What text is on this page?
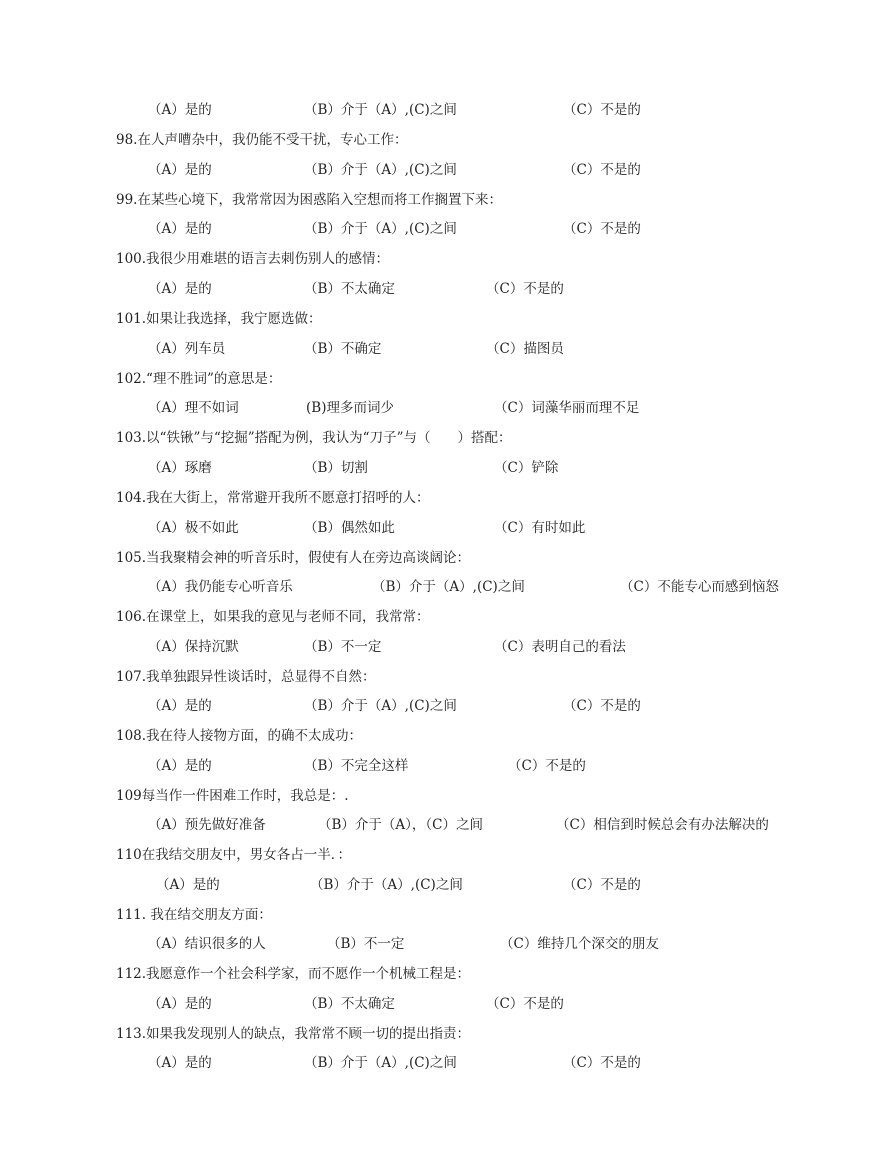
（A）是的	（B）介于（A）,(C)之间	（C）不是的
98.在人声嘈杂中，我仍能不受干扰，专心工作：
（A）是的	（B）介于（A）,(C)之间	（C）不是的
99.在某些心境下，我常常因为困惑陷入空想而将工作搁置下来：
（A）是的	（B）介于（A）,(C)之间	（C）不是的
100.我很少用难堪的语言去刺伤别人的感情：
（A）是的	（B）不太确定	（C）不是的
101.如果让我选择，我宁愿选做：
（A）列车员	（B）不确定	（C）描图员
102.“理不胜词”的意思是：
（A）理不如词	(B)理多而词少	（C）词藻华丽而理不足
103.以“铁锹”与“挖掘”搭配为例，我认为“刀子”与（　　）搭配：
（A）琢磨	（B）切割	（C）铲除
104.我在大街上，常常避开我所不愿意打招呼的人：
（A）极不如此	（B）偶然如此	（C）有时如此
105.当我聚精会神的听音乐时，假使有人在旁边高谈阔论：
（A）我仍能专心听音乐	（B）介于（A）,(C)之间	（C）不能专心而感到恼怒
106.在课堂上，如果我的意见与老师不同，我常常：
（A）保持沉默	（B）不一定	（C）表明自己的看法
107.我单独跟异性谈话时，总显得不自然：
（A）是的	（B）介于（A）,(C)之间	（C）不是的
108.我在待人接物方面，的确不太成功：
（A）是的	（B）不完全这样	（C）不是的
109每当作一件困难工作时，我总是：.
（A）预先做好准备	（B）介于（A），（C）之间	（C）相信到时候总会有办法解决的
110在我结交朋友中，男女各占一半．：
（A）是的	（B）介于（A）,(C)之间	（C）不是的
111. 我在结交朋友方面：
（A）结识很多的人	（B）不一定	（C）维持几个深交的朋友
112.我愿意作一个社会科学家，而不愿作一个机械工程是：
（A）是的	（B）不太确定	（C）不是的
113.如果我发现别人的缺点，我常常不顾一切的提出指责：
（A）是的	（B）介于（A）,(C)之间	（C）不是的
